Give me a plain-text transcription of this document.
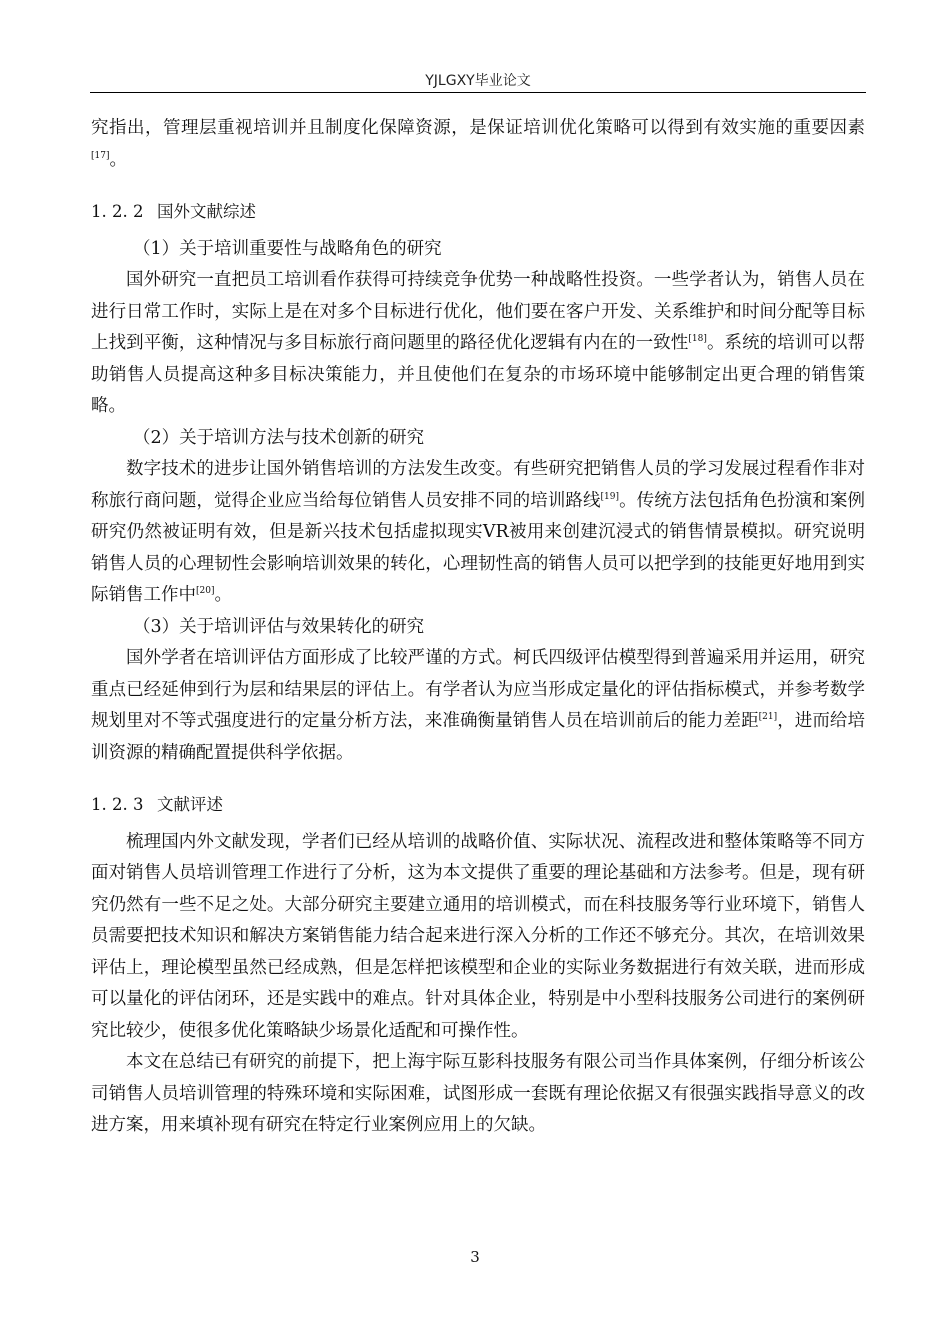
YJLGXY毕业论文

究指出，管理层重视培训并且制度化保障资源，是保证培训优化策略可以得到有效实施的重要因素[17]。

1. 2. 2 国外文献综述

（1）关于培训重要性与战略角色的研究

国外研究一直把员工培训看作获得可持续竞争优势一种战略性投资。一些学者认为，销售人员在进行日常工作时，实际上是在对多个目标进行优化，他们要在客户开发、关系维护和时间分配等目标上找到平衡，这种情况与多目标旅行商问题里的路径优化逻辑有内在的一致性[18]。系统的培训可以帮助销售人员提高这种多目标决策能力，并且使他们在复杂的市场环境中能够制定出更合理的销售策略。

（2）关于培训方法与技术创新的研究

数字技术的进步让国外销售培训的方法发生改变。有些研究把销售人员的学习发展过程看作非对称旅行商问题，觉得企业应当给每位销售人员安排不同的培训路线[19]。传统方法包括角色扮演和案例研究仍然被证明有效，但是新兴技术包括虚拟现实VR被用来创建沉浸式的销售情景模拟。研究说明销售人员的心理韧性会影响培训效果的转化，心理韧性高的销售人员可以把学到的技能更好地用到实际销售工作中[20]。

（3）关于培训评估与效果转化的研究

国外学者在培训评估方面形成了比较严谨的方式。柯氏四级评估模型得到普遍采用并运用，研究重点已经延伸到行为层和结果层的评估上。有学者认为应当形成定量化的评估指标模式，并参考数学规划里对不等式强度进行的定量分析方法，来准确衡量销售人员在培训前后的能力差距[21]，进而给培训资源的精确配置提供科学依据。

1. 2. 3 文献评述

梳理国内外文献发现，学者们已经从培训的战略价值、实际状况、流程改进和整体策略等不同方面对销售人员培训管理工作进行了分析，这为本文提供了重要的理论基础和方法参考。但是，现有研究仍然有一些不足之处。大部分研究主要建立通用的培训模式，而在科技服务等行业环境下，销售人员需要把技术知识和解决方案销售能力结合起来进行深入分析的工作还不够充分。其次，在培训效果评估上，理论模型虽然已经成熟，但是怎样把该模型和企业的实际业务数据进行有效关联，进而形成可以量化的评估闭环，还是实践中的难点。针对具体企业，特别是中小型科技服务公司进行的案例研究比较少，使很多优化策略缺少场景化适配和可操作性。

本文在总结已有研究的前提下，把上海宇际互影科技服务有限公司当作具体案例，仔细分析该公司销售人员培训管理的特殊环境和实际困难，试图形成一套既有理论依据又有很强实践指导意义的改进方案，用来填补现有研究在特定行业案例应用上的欠缺。

3
